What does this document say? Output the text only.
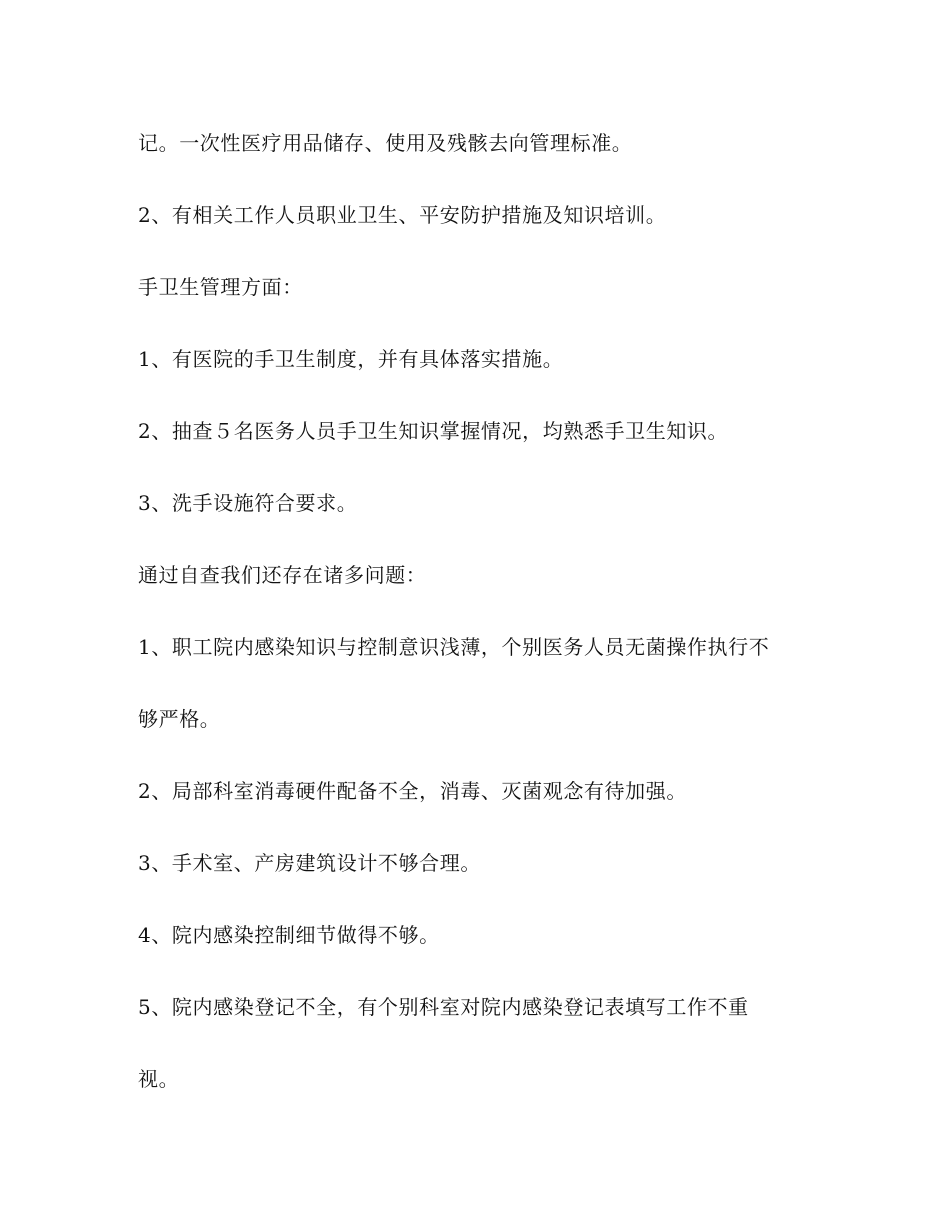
记。一次性医疗用品储存、使用及残骸去向管理标准。
2、有相关工作人员职业卫生、平安防护措施及知识培训。
手卫生管理方面：
1、有医院的手卫生制度，并有具体落实措施。
2、抽查５名医务人员手卫生知识掌握情况，均熟悉手卫生知识。
3、洗手设施符合要求。
通过自查我们还存在诸多问题：
1、职工院内感染知识与控制意识浅薄，个别医务人员无菌操作执行不
够严格。
2、局部科室消毒硬件配备不全，消毒、灭菌观念有待加强。
3、手术室、产房建筑设计不够合理。
4、院内感染控制细节做得不够。
5、院内感染登记不全，有个别科室对院内感染登记表填写工作不重
视。
